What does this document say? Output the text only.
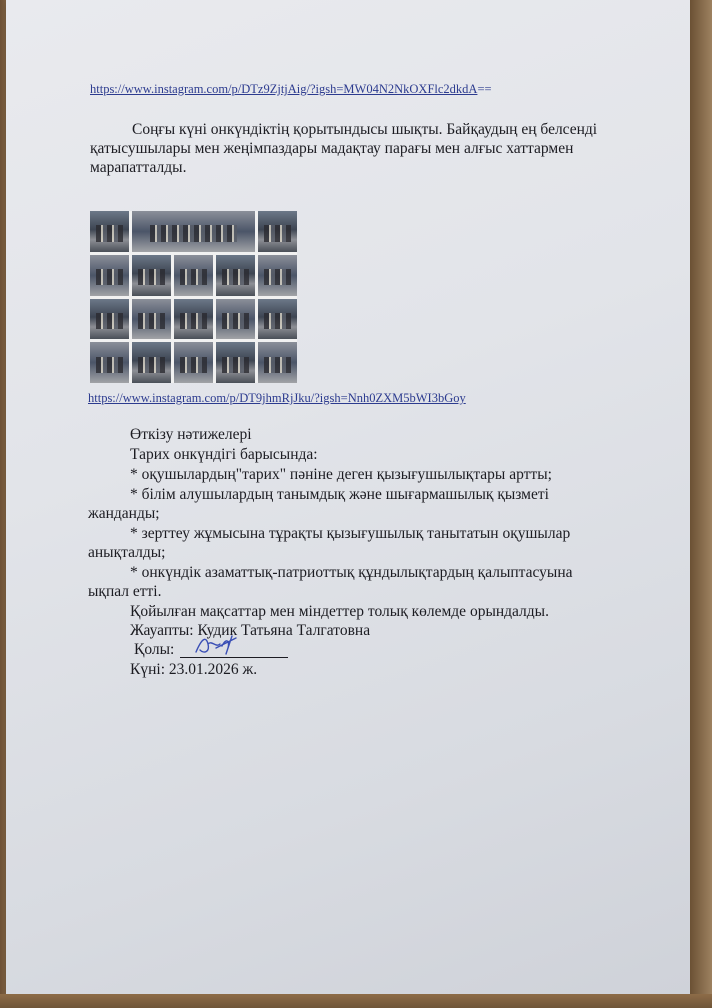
https://www.instagram.com/p/DTz9ZjtjAig/?igsh=MW04N2NkOXFlc2dkdA==
Соңғы күні онкүндіктің қорытындысы шықты. Байқаудың ең белсенді
қатысушылары мен жеңімпаздары мадақтау парағы мен алғыс хаттармен
марапатталды.
https://www.instagram.com/p/DT9jhmRjJku/?igsh=Nnh0ZXM5bWI3bGoy
Өткізу нәтижелері
Тарих онкүндігі барысында:
* оқушылардың"тарих" пәніне деген қызығушылықтары артты;
* білім алушылардың танымдық және шығармашылық қызметі
жанданды;
* зерттеу жұмысына тұрақты қызығушылық танытатын оқушылар
анықталды;
* онкүндік азаматтық-патриоттық құндылықтардың қалыптасуына
ықпал етті.
Қойылған мақсаттар мен міндеттер толық көлемде орындалды.
Жауапты: Кудик Татьяна Талгатовна
Қолы:
Күні: 23.01.2026 ж.
